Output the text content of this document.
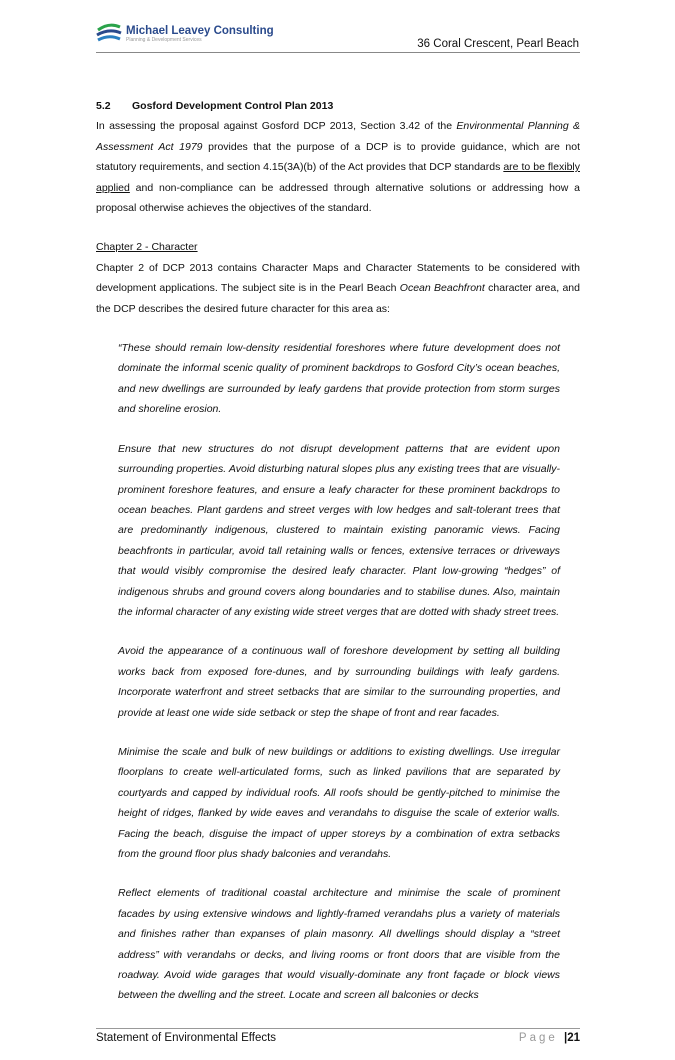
Michael Leavey Consulting
Planning & Development Services	36 Coral Crescent, Pearl Beach
5.2 Gosford Development Control Plan 2013

In assessing the proposal against Gosford DCP 2013, Section 3.42 of the Environmental Planning & Assessment Act 1979 provides that the purpose of a DCP is to provide guidance, which are not statutory requirements, and section 4.15(3A)(b) of the Act provides that DCP standards are to be flexibly applied and non-compliance can be addressed through alternative solutions or addressing how a proposal otherwise achieves the objectives of the standard.

Chapter 2 - Character

Chapter 2 of DCP 2013 contains Character Maps and Character Statements to be considered with development applications. The subject site is in the Pearl Beach Ocean Beachfront character area, and the DCP describes the desired future character for this area as:

“These should remain low-density residential foreshores where future development does not dominate the informal scenic quality of prominent backdrops to Gosford City’s ocean beaches, and new dwellings are surrounded by leafy gardens that provide protection from storm surges and shoreline erosion.

Ensure that new structures do not disrupt development patterns that are evident upon surrounding properties. Avoid disturbing natural slopes plus any existing trees that are visually-prominent foreshore features, and ensure a leafy character for these prominent backdrops to ocean beaches. Plant gardens and street verges with low hedges and salt-tolerant trees that are predominantly indigenous, clustered to maintain existing panoramic views. Facing beachfronts in particular, avoid tall retaining walls or fences, extensive terraces or driveways that would visibly compromise the desired leafy character. Plant low-growing “hedges” of indigenous shrubs and ground covers along boundaries and to stabilise dunes. Also, maintain the informal character of any existing wide street verges that are dotted with shady street trees.

Avoid the appearance of a continuous wall of foreshore development by setting all building works back from exposed fore-dunes, and by surrounding buildings with leafy gardens. Incorporate waterfront and street setbacks that are similar to the surrounding properties, and provide at least one wide side setback or step the shape of front and rear facades.

Minimise the scale and bulk of new buildings or additions to existing dwellings. Use irregular floorplans to create well-articulated forms, such as linked pavilions that are separated by courtyards and capped by individual roofs. All roofs should be gently-pitched to minimise the height of ridges, flanked by wide eaves and verandahs to disguise the scale of exterior walls. Facing the beach, disguise the impact of upper storeys by a combination of extra setbacks from the ground floor plus shady balconies and verandahs.

Reflect elements of traditional coastal architecture and minimise the scale of prominent facades by using extensive windows and lightly-framed verandahs plus a variety of materials and finishes rather than expanses of plain masonry. All dwellings should display a “street address” with verandahs or decks, and living rooms or front doors that are visible from the roadway. Avoid wide garages that would visually-dominate any front façade or block views between the dwelling and the street. Locate and screen all balconies or decks

Statement of Environmental Effects	Page |21
